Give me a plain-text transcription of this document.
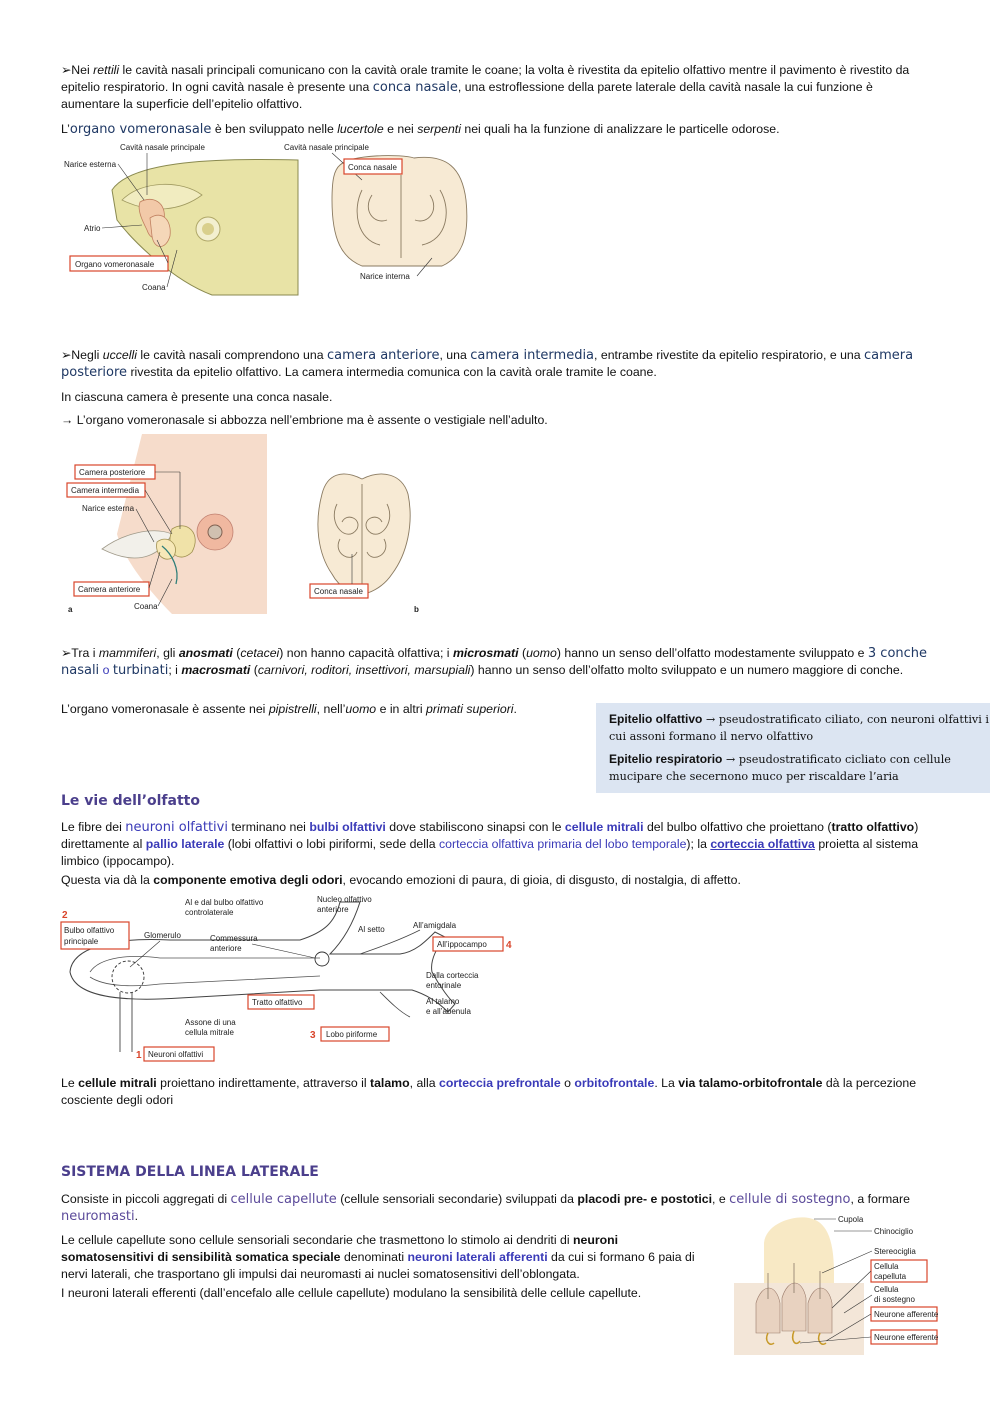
➢Nei rettili le cavità nasali principali comunicano con la cavità orale tramite le coane; la volta è rivestita da epitelio olfattivo mentre il pavimento è rivestito da epitelio respiratorio. In ogni cavità nasale è presente una conca nasale, una estroflessione della parete laterale della cavità nasale la cui funzione è aumentare la superficie dell’epitelio olfattivo.

L’organo vomeronasale è ben sviluppato nelle lucertole e nei serpenti nei quali ha la funzione di analizzare le particelle odorose.

Cavità nasale principale
Narice esterna
Atrio
Organo vomeronasale
Coana
Cavità nasale principale
Conca nasale
Narice interna

➢Negli uccelli le cavità nasali comprendono una camera anteriore, una camera intermedia, entrambe rivestite da epitelio respiratorio, e una camera posteriore rivestita da epitelio olfattivo. La camera intermedia comunica con la cavità orale tramite le coane.

In ciascuna camera è presente una conca nasale.

→ L’organo vomeronasale si abbozza nell’embrione ma è assente o vestigiale nell’adulto.

Camera posteriore
Camera intermedia
Narice esterna
Camera anteriore
Coana
a
Conca nasale
b

➢Tra i mammiferi, gli anosmati (cetacei) non hanno capacità olfattiva; i microsmati (uomo) hanno un senso dell’olfatto modestamente sviluppato e 3 conche nasali o turbinati; i macrosmati (carnivori, roditori, insettivori, marsupiali) hanno un senso dell’olfatto molto sviluppato e un numero maggiore di conche.

L’organo vomeronasale è assente nei pipistrelli, nell’uomo e in altri primati superiori.

Epitelio olfattivo → pseudostratificato ciliato, con neuroni olfattivi i cui assoni formano il nervo olfattivo

Epitelio respiratorio → pseudostratificato cicliato con cellule mucipare che secernono muco per riscaldare l’aria

Le vie dell’olfatto

Le fibre dei neuroni olfattivi terminano nei bulbi olfattivi dove stabiliscono sinapsi con le cellule mitrali del bulbo olfattivo che proiettano (tratto olfattivo) direttamente al pallio laterale (lobi olfattivi o lobi piriformi, sede della corteccia olfattiva primaria del lobo temporale); la corteccia olfattiva proietta al sistema limbico (ippocampo).

Questa via dà la componente emotiva degli odori, evocando emozioni di paura, di gioia, di disgusto, di nostalgia, di affetto.

2
Bulbo olfattivo
principale
Glomerulo
Al e dal bulbo olfattivo
controlaterale
Commessura
anteriore
Nucleo olfattivo
anteriore
Al setto	All’amigdala
All’ippocampo 4
Dalla corteccia
entorinale
Al talamo
e all’abenula
Tratto olfattivo
Assone di una
cellula mitrale	3 Lobo piriforme
1 Neuroni olfattivi

Le cellule mitrali proiettano indirettamente, attraverso il talamo, alla corteccia prefrontale o orbitofrontale. La via talamo-orbitofrontale dà la percezione cosciente degli odori

SISTEMA DELLA LINEA LATERALE

Consiste in piccoli aggregati di cellule capellute (cellule sensoriali secondarie) sviluppati da placodi pre- e postotici, e cellule di sostegno, a formare neuromasti.

Le cellule capellute sono cellule sensoriali secondarie che trasmettono lo stimolo ai dendriti di neuroni somatosensitivi di sensibilità somatica speciale denominati neuroni laterali afferenti da cui si formano 6 paia di nervi laterali, che trasportano gli impulsi dai neuromasti ai nuclei somatosensitivi dell’oblongata.

I neuroni laterali efferenti (dall’encefalo alle cellule capellute) modulano la sensibilità delle cellule capellute.

Cupola
Chinociglio
Stereociglia
Cellula
capelluta
Cellula
di sostegno
Neurone afferente
Neurone efferente
